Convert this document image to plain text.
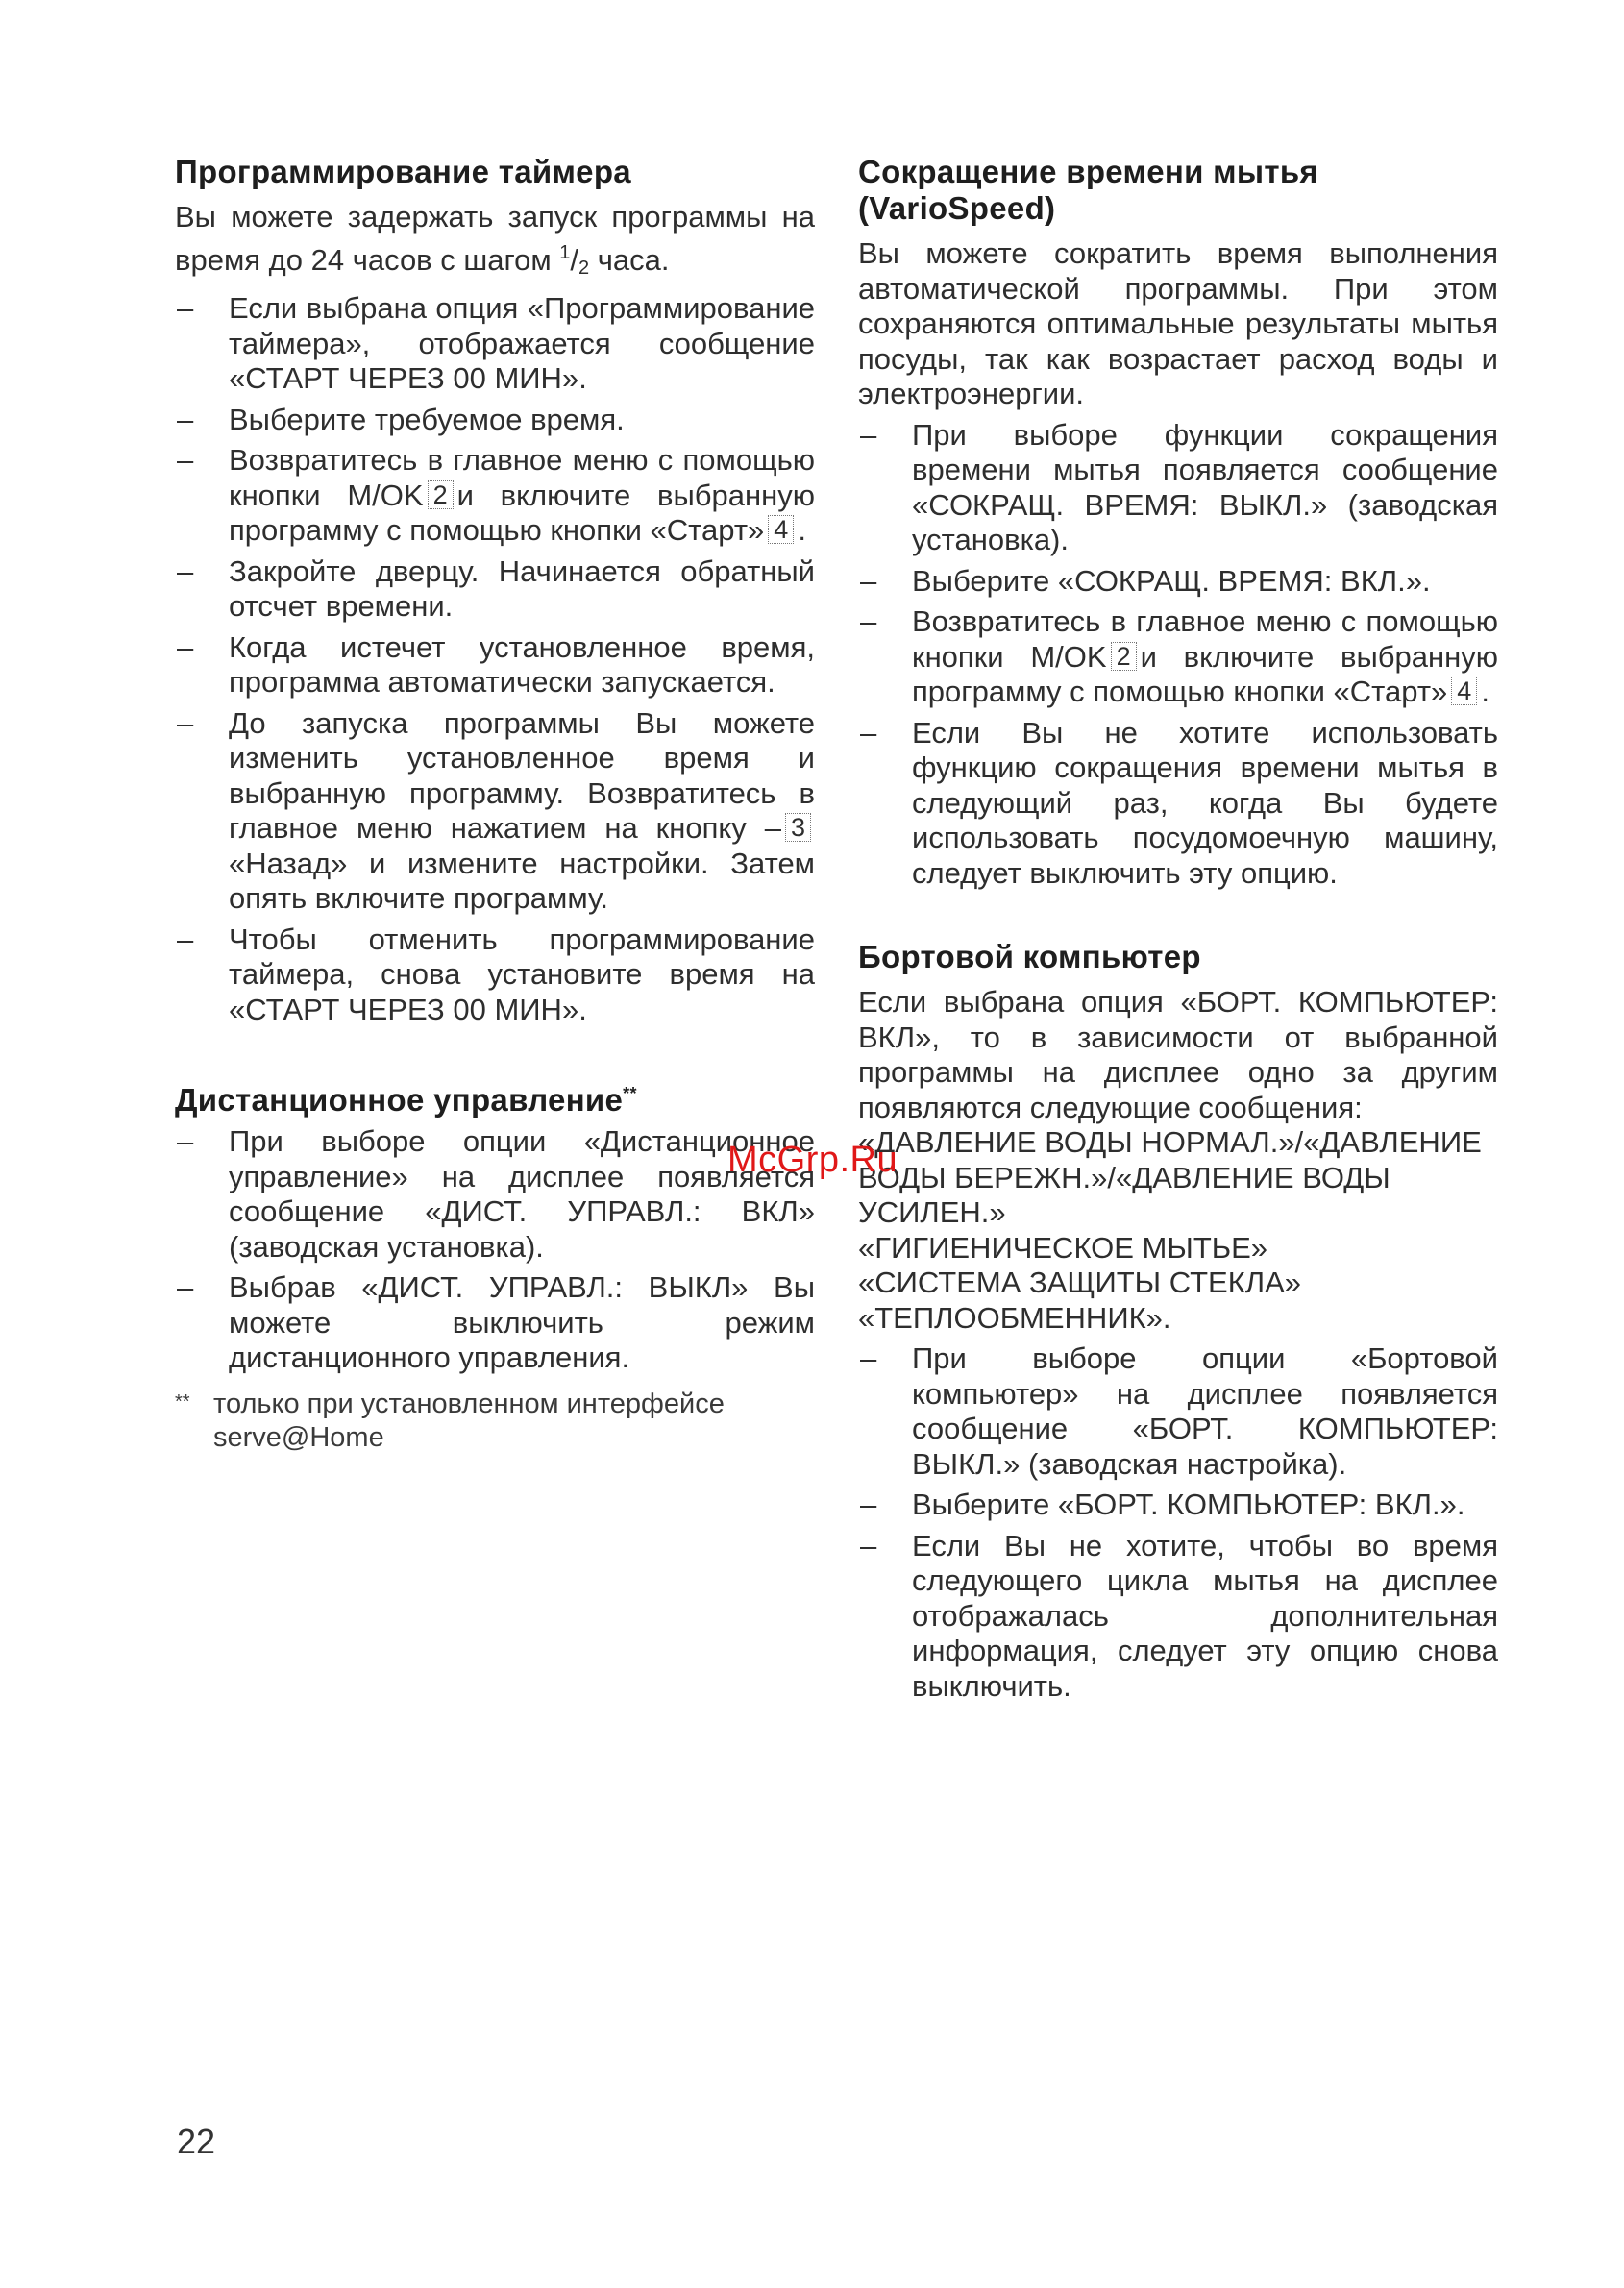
Программирование таймера

Вы можете задержать запуск программы на время до 24 часов с шагом $^1$/2 часа.

– Если выбрана опция «Программирование таймера», отображается сообщение «СТАРТ ЧЕРЕЗ 00 МИН».
– Выберите требуемое время.
– Возвратитесь в главное меню с помощью кнопки M/OK 2 и включите выбранную программу с помощью кнопки «Старт» 4 .
– Закройте дверцу. Начинается обратный отсчет времени.
– Когда истечет установленное время, программа автоматически запускается.
– До запуска программы Вы можете изменить установленное время и выбранную программу. Возвратитесь в главное меню нажатием на кнопку – 3«Назад» и измените настройки. Затем опять включите программу.
– Чтобы отменить программирование таймера, снова установите время на «СТАРТ ЧЕРЕЗ 00 МИН».
Дистанционное управление**
– При выборе опции «Дистанционное управление» на дисплее появляется сообщение «ДИСТ. УПРАВЛ.: ВКЛ» (заводская установка).
– Выбрав «ДИСТ. УПРАВЛ.: ВЫКЛ» Вы можете выключить режим дистанционного управления.
** только при установленном интерфейсе serve@Home
Сокращение времени мытья
(VarioSpeed)

Вы можете сократить время выполнения автоматической программы. При этом сохраняются оптимальные результаты мытья посуды, так как возрастает расход воды и электроэнергии.

– При выборе функции сокращения времени мытья появляется сообщение «СОКРАЩ. ВРЕМЯ: ВЫКЛ.» (заводская установка).
– Выберите «СОКРАЩ. ВРЕМЯ: ВКЛ.».
– Возвратитесь в главное меню с помощью кнопки M/OK 2 и включите выбранную программу с помощью кнопки «Старт» 4 .
– Если Вы не хотите использовать функцию сокращения времени мытья в следующий раз, когда Вы будете использовать посудомоечную машину, следует выключить эту опцию.
Бортовой компьютер

Если выбрана опция «БОРТ. КОМПЬЮТЕР: ВКЛ», то в зависимости от выбранной программы на дисплее одно за другим появляются следующие сообщения:

«ДАВЛЕНИЕ ВОДЫ НОРМАЛ.»/«ДАВЛЕНИЕ ВОДЫ БЕРЕЖН.»/«ДАВЛЕНИЕ ВОДЫ УСИЛЕН.»

«ГИГИЕНИЧЕСКОЕ МЫТЬЕ»

«СИСТЕМА ЗАЩИТЫ СТЕКЛА»

«ТЕПЛООБМЕННИК».

– При выборе опции «Бортовой компьютер» на дисплее появляется сообщение «БОРТ. КОМПЬЮТЕР: ВЫКЛ.» (заводская настройка).
– Выберите «БОРТ. КОМПЬЮТЕР: ВКЛ.».
– Если Вы не хотите, чтобы во время следующего цикла мытья на дисплее отображалась дополнительная информация, следует эту опцию снова выключить.
McGrp.Ru
22
